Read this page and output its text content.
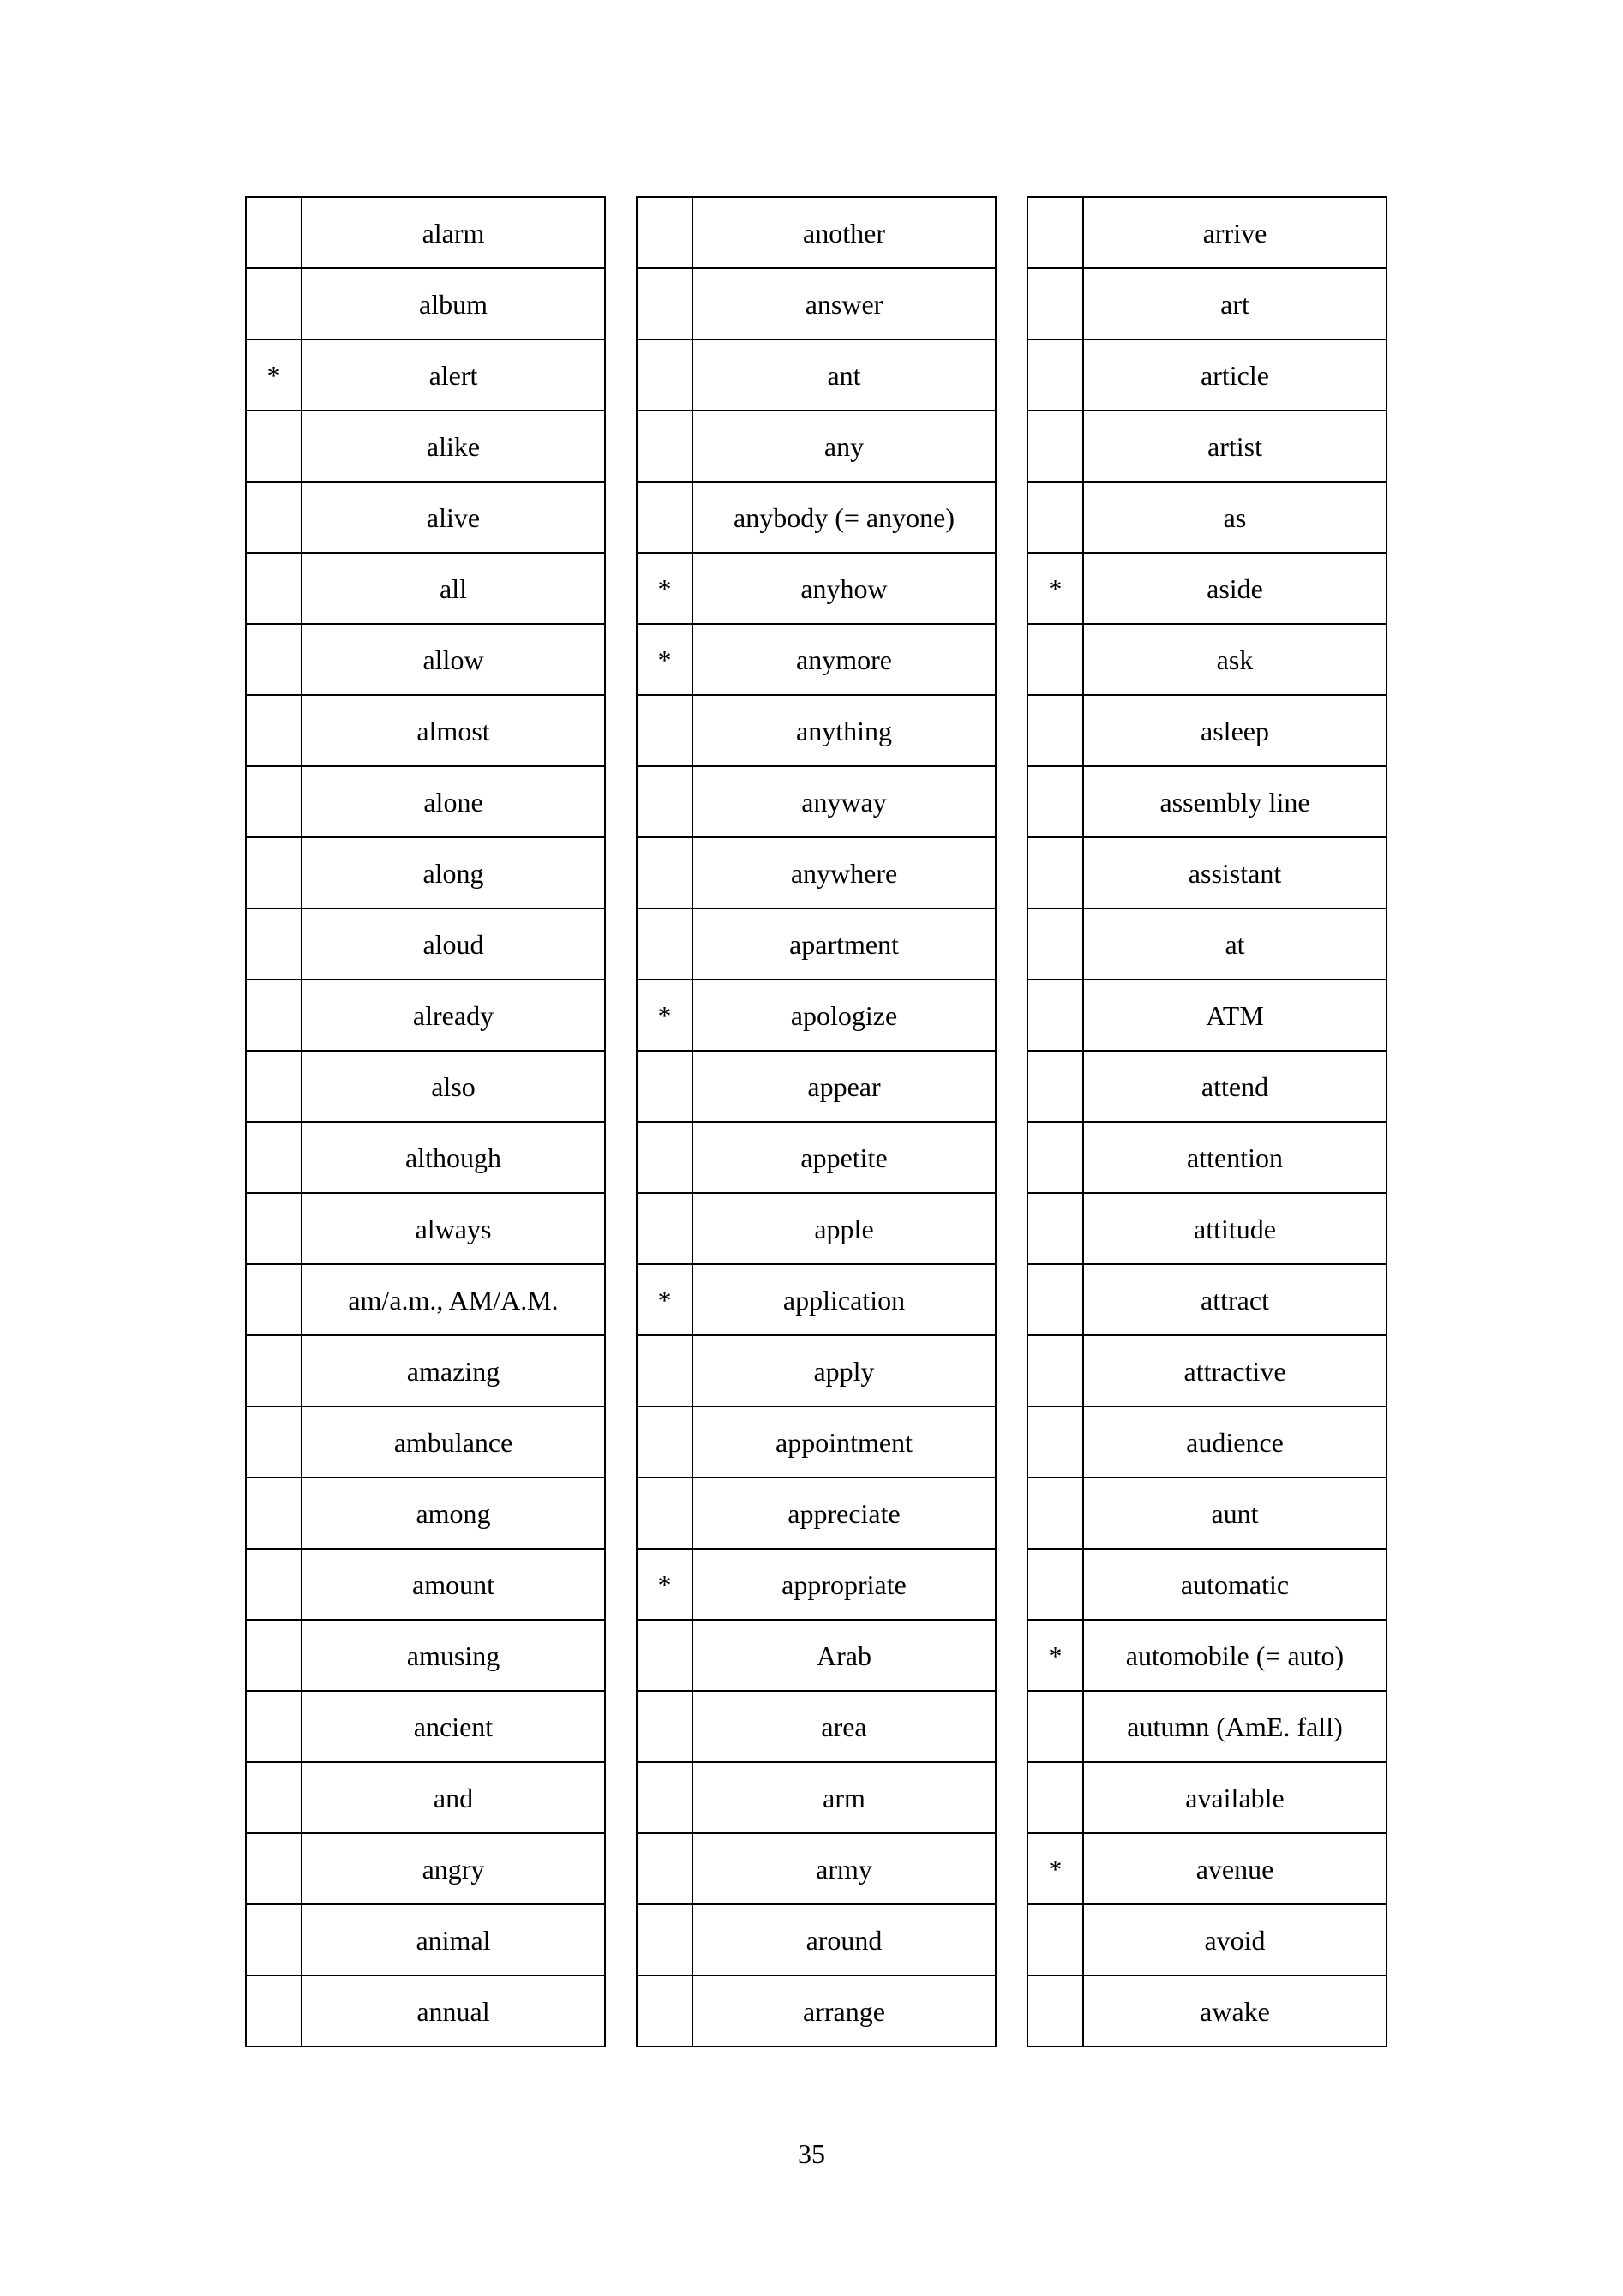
	alarm
	album
*	alert
	alike
	alive
	all
	allow
	almost
	alone
	along
	aloud
	already
	also
	although
	always
	am/a.m., AM/A.M.
	amazing
	ambulance
	among
	amount
	amusing
	ancient
	and
	angry
	animal
	annual
	another
	answer
	ant
	any
	anybody (= anyone)
*	anyhow
*	anymore
	anything
	anyway
	anywhere
	apartment
*	apologize
	appear
	appetite
	apple
*	application
	apply
	appointment
	appreciate
*	appropriate
	Arab
	area
	arm
	army
	around
	arrange
	arrive
	art
	article
	artist
	as
*	aside
	ask
	asleep
	assembly line
	assistant
	at
	ATM
	attend
	attention
	attitude
	attract
	attractive
	audience
	aunt
	automatic
*	automobile (= auto)
	autumn (AmE. fall)
	available
*	avenue
	avoid
	awake
35
